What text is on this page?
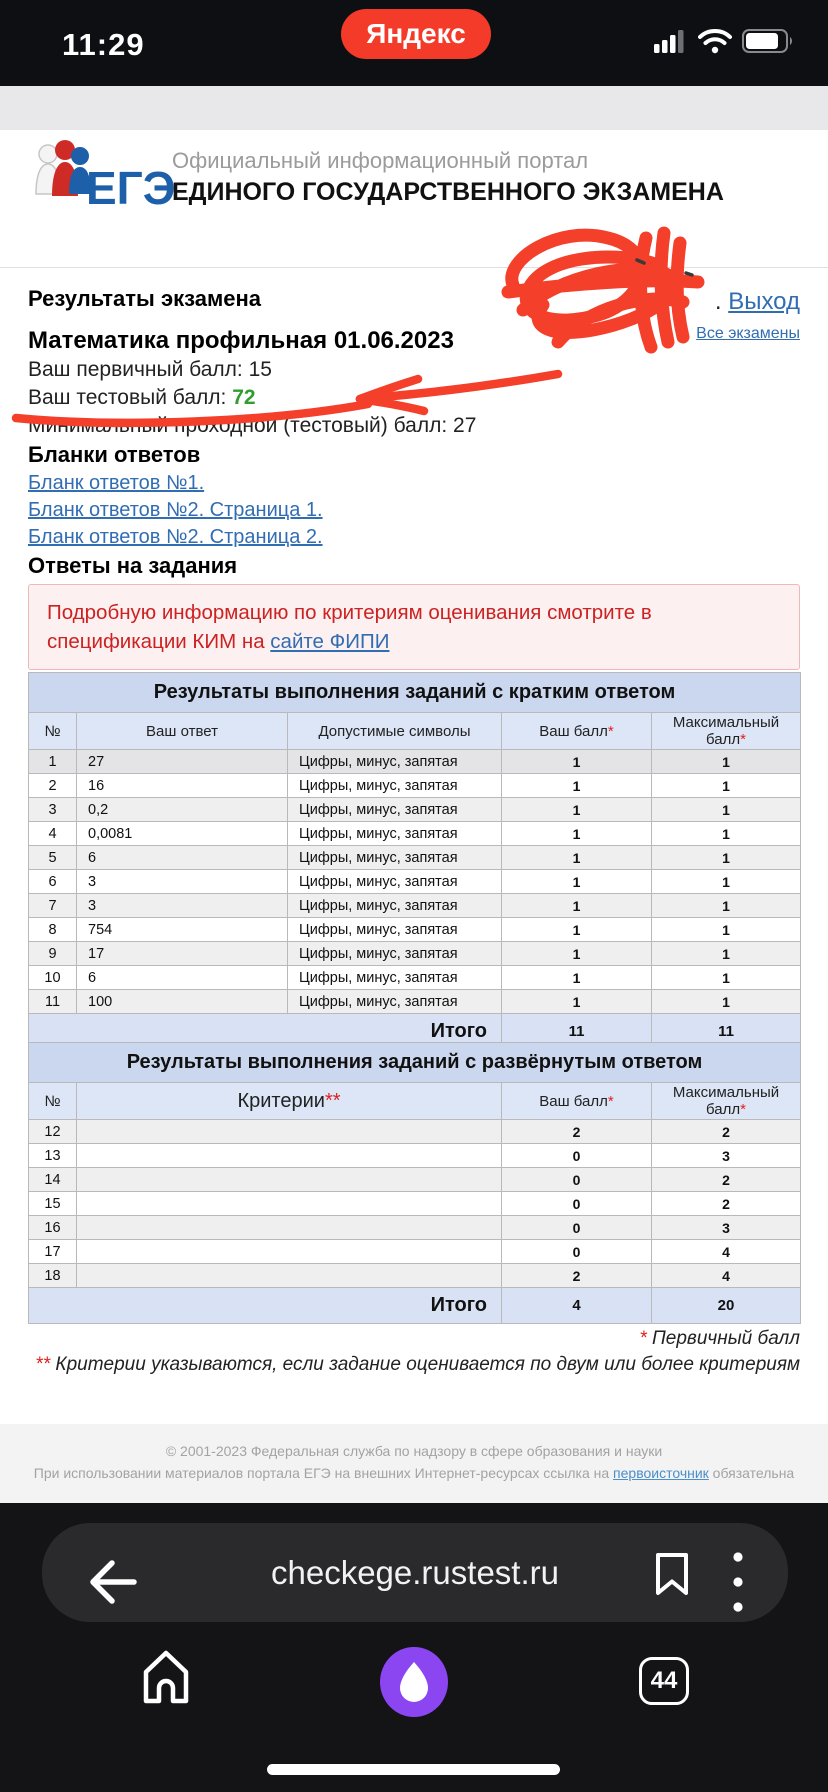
11:29	Яндекс
ЕГЭ
Официальный информационный портал
ЕДИНОГО ГОСУДАРСТВЕННОГО ЭКЗАМЕНА
Результаты экзамена	. Выход
Все экзамены
Математика профильная 01.06.2023
Ваш первичный балл: 15
Ваш тестовый балл: 72
Минимальный проходной (тестовый) балл: 27
Бланки ответов
Бланк ответов №1.
Бланк ответов №2. Страница 1.
Бланк ответов №2. Страница 2.
Ответы на задания
Подробную информацию по критериям оценивания смотрите в спецификации КИМ на сайте ФИПИ
Результаты выполнения заданий с кратким ответом				
№	Ваш ответ	Допустимые символы	Ваш балл*	Максимальный балл*
1	27	Цифры, минус, запятая	1	1
2	16	Цифры, минус, запятая	1	1
3	0,2	Цифры, минус, запятая	1	1
4	0,0081	Цифры, минус, запятая	1	1
5	6	Цифры, минус, запятая	1	1
6	3	Цифры, минус, запятая	1	1
7	3	Цифры, минус, запятая	1	1
8	754	Цифры, минус, запятая	1	1
9	17	Цифры, минус, запятая	1	1
10	6	Цифры, минус, запятая	1	1
11	100	Цифры, минус, запятая	1	1
Итого			11	11
Результаты выполнения заданий с развёрнутым ответом			
№	Критерии**	Ваш балл*	Максимальный балл*
12		2	2
13		0	3
14		0	2
15		0	2
16		0	3
17		0	4
18		2	4
Итого		4	20
* Первичный балл
** Критерии указываются, если задание оценивается по двум или более критериям
© 2001-2023 Федеральная служба по надзору в сфере образования и науки
При использовании материалов портала ЕГЭ на внешних Интернет-ресурсах ссылка на первоисточник обязательна
checkege.rustest.ru
44
